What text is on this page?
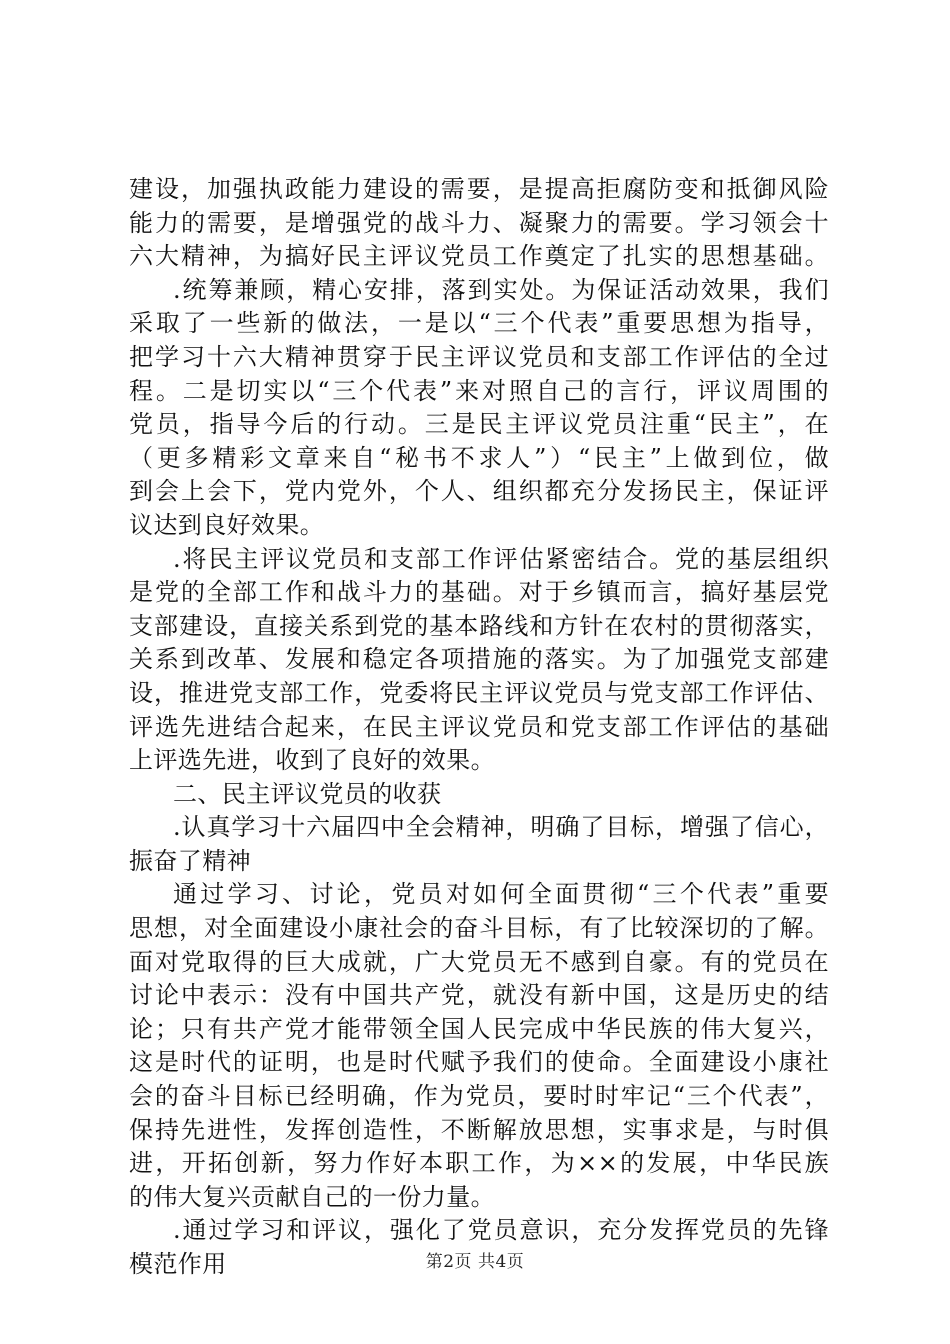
建设，加强执政能力建设的需要，是提高拒腐防变和抵御风险
能力的需要，是增强党的战斗力、凝聚力的需要。学习领会十
六大精神，为搞好民主评议党员工作奠定了扎实的思想基础。
.统筹兼顾，精心安排，落到实处。为保证活动效果，我们
采取了一些新的做法，一是以“三个代表”重要思想为指导，
把学习十六大精神贯穿于民主评议党员和支部工作评估的全过
程。二是切实以“三个代表”来对照自己的言行，评议周围的
党员，指导今后的行动。三是民主评议党员注重“民主”，在
（更多精彩文章来自“秘书不求人”）“民主”上做到位，做
到会上会下，党内党外，个人、组织都充分发扬民主，保证评
议达到良好效果。
.将民主评议党员和支部工作评估紧密结合。党的基层组织
是党的全部工作和战斗力的基础。对于乡镇而言，搞好基层党
支部建设，直接关系到党的基本路线和方针在农村的贯彻落实，
关系到改革、发展和稳定各项措施的落实。为了加强党支部建
设，推进党支部工作，党委将民主评议党员与党支部工作评估、
评选先进结合起来，在民主评议党员和党支部工作评估的基础
上评选先进，收到了良好的效果。
二、民主评议党员的收获
.认真学习十六届四中全会精神，明确了目标，增强了信心，
振奋了精神
通过学习、讨论，党员对如何全面贯彻“三个代表”重要
思想，对全面建设小康社会的奋斗目标，有了比较深切的了解。
面对党取得的巨大成就，广大党员无不感到自豪。有的党员在
讨论中表示：没有中国共产党，就没有新中国，这是历史的结
论；只有共产党才能带领全国人民完成中华民族的伟大复兴，
这是时代的证明，也是时代赋予我们的使命。全面建设小康社
会的奋斗目标已经明确，作为党员，要时时牢记“三个代表”，
保持先进性，发挥创造性，不断解放思想，实事求是，与时俱
进，开拓创新，努力作好本职工作，为××的发展，中华民族
的伟大复兴贡献自己的一份力量。
.通过学习和评议，强化了党员意识，充分发挥党员的先锋
模范作用	第2页 共4页
